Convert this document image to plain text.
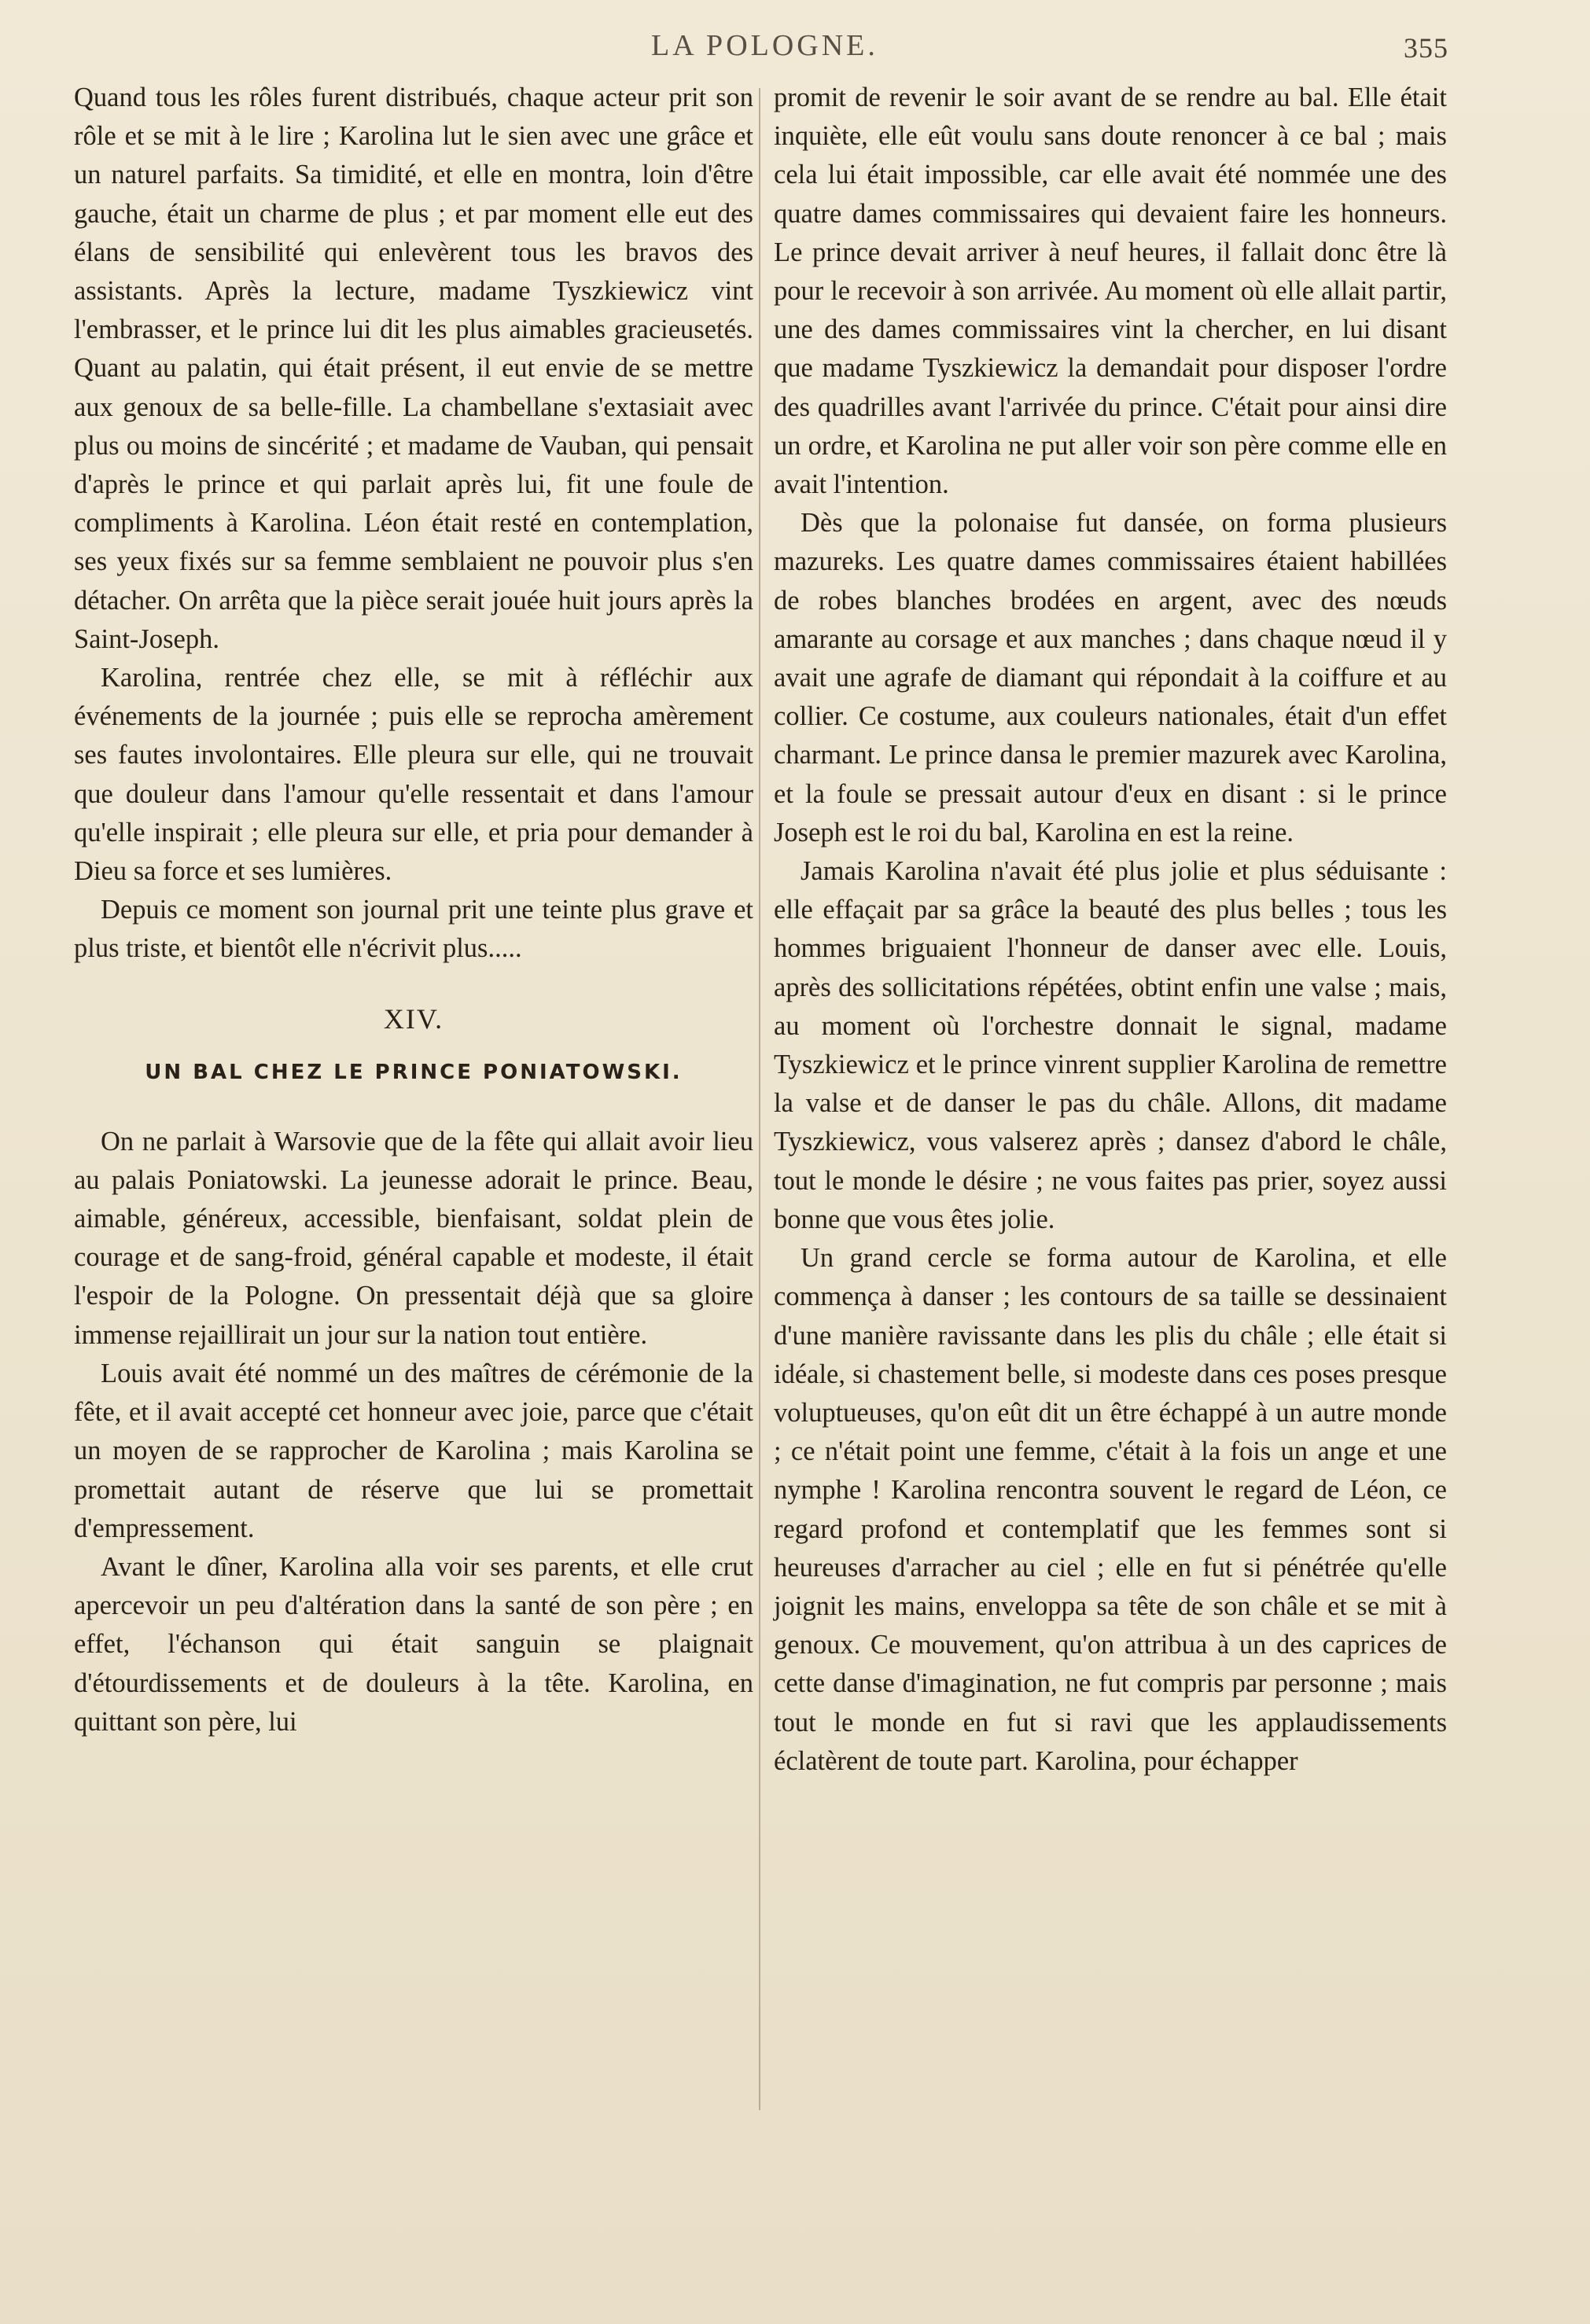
LA POLOGNE.	355

Quand tous les rôles furent distribués, chaque acteur prit son rôle et se mit à le lire ; Karolina lut le sien avec une grâce et un naturel parfaits. Sa timidité, et elle en montra, loin d'être gauche, était un charme de plus ; et par moment elle eut des élans de sensibilité qui enlevèrent tous les bravos des assistants. Après la lecture, madame Tyszkiewicz vint l'embrasser, et le prince lui dit les plus aimables gracieusetés. Quant au palatin, qui était présent, il eut envie de se mettre aux genoux de sa belle-fille. La chambellane s'extasiait avec plus ou moins de sincérité ; et madame de Vauban, qui pensait d'après le prince et qui parlait après lui, fit une foule de compliments à Karolina. Léon était resté en contemplation, ses yeux fixés sur sa femme semblaient ne pouvoir plus s'en détacher. On arrêta que la pièce serait jouée huit jours après la Saint-Joseph.

Karolina, rentrée chez elle, se mit à réfléchir aux événements de la journée ; puis elle se reprocha amèrement ses fautes involontaires. Elle pleura sur elle, qui ne trouvait que douleur dans l'amour qu'elle ressentait et dans l'amour qu'elle inspirait ; elle pleura sur elle, et pria pour demander à Dieu sa force et ses lumières.

Depuis ce moment son journal prit une teinte plus grave et plus triste, et bientôt elle n'écrivit plus.....

XIV.
UN BAL CHEZ LE PRINCE PONIATOWSKI.

On ne parlait à Warsovie que de la fête qui allait avoir lieu au palais Poniatowski. La jeunesse adorait le prince. Beau, aimable, généreux, accessible, bienfaisant, soldat plein de courage et de sang-froid, général capable et modeste, il était l'espoir de la Pologne. On pressentait déjà que sa gloire immense rejaillirait un jour sur la nation tout entière.

Louis avait été nommé un des maîtres de cérémonie de la fête, et il avait accepté cet honneur avec joie, parce que c'était un moyen de se rapprocher de Karolina ; mais Karolina se promettait autant de réserve que lui se promettait d'empressement.

Avant le dîner, Karolina alla voir ses parents, et elle crut apercevoir un peu d'altération dans la santé de son père ; en effet, l'échanson qui était sanguin se plaignait d'étourdissements et de douleurs à la tête. Karolina, en quittant son père, lui

promit de revenir le soir avant de se rendre au bal. Elle était inquiète, elle eût voulu sans doute renoncer à ce bal ; mais cela lui était impossible, car elle avait été nommée une des quatre dames commissaires qui devaient faire les honneurs. Le prince devait arriver à neuf heures, il fallait donc être là pour le recevoir à son arrivée. Au moment où elle allait partir, une des dames commissaires vint la chercher, en lui disant que madame Tyszkiewicz la demandait pour disposer l'ordre des quadrilles avant l'arrivée du prince. C'était pour ainsi dire un ordre, et Karolina ne put aller voir son père comme elle en avait l'intention.

Dès que la polonaise fut dansée, on forma plusieurs mazureks. Les quatre dames commissaires étaient habillées de robes blanches brodées en argent, avec des nœuds amarante au corsage et aux manches ; dans chaque nœud il y avait une agrafe de diamant qui répondait à la coiffure et au collier. Ce costume, aux couleurs nationales, était d'un effet charmant. Le prince dansa le premier mazurek avec Karolina, et la foule se pressait autour d'eux en disant : si le prince Joseph est le roi du bal, Karolina en est la reine.

Jamais Karolina n'avait été plus jolie et plus séduisante : elle effaçait par sa grâce la beauté des plus belles ; tous les hommes briguaient l'honneur de danser avec elle. Louis, après des sollicitations répétées, obtint enfin une valse ; mais, au moment où l'orchestre donnait le signal, madame Tyszkiewicz et le prince vinrent supplier Karolina de remettre la valse et de danser le pas du châle. Allons, dit madame Tyszkiewicz, vous valserez après ; dansez d'abord le châle, tout le monde le désire ; ne vous faites pas prier, soyez aussi bonne que vous êtes jolie.

Un grand cercle se forma autour de Karolina, et elle commença à danser ; les contours de sa taille se dessinaient d'une manière ravissante dans les plis du châle ; elle était si idéale, si chastement belle, si modeste dans ces poses presque voluptueuses, qu'on eût dit un être échappé à un autre monde ; ce n'était point une femme, c'était à la fois un ange et une nymphe ! Karolina rencontra souvent le regard de Léon, ce regard profond et contemplatif que les femmes sont si heureuses d'arracher au ciel ; elle en fut si pénétrée qu'elle joignit les mains, enveloppa sa tête de son châle et se mit à genoux. Ce mouvement, qu'on attribua à un des caprices de cette danse d'imagination, ne fut compris par personne ; mais tout le monde en fut si ravi que les applaudissements éclatèrent de toute part. Karolina, pour échapper
